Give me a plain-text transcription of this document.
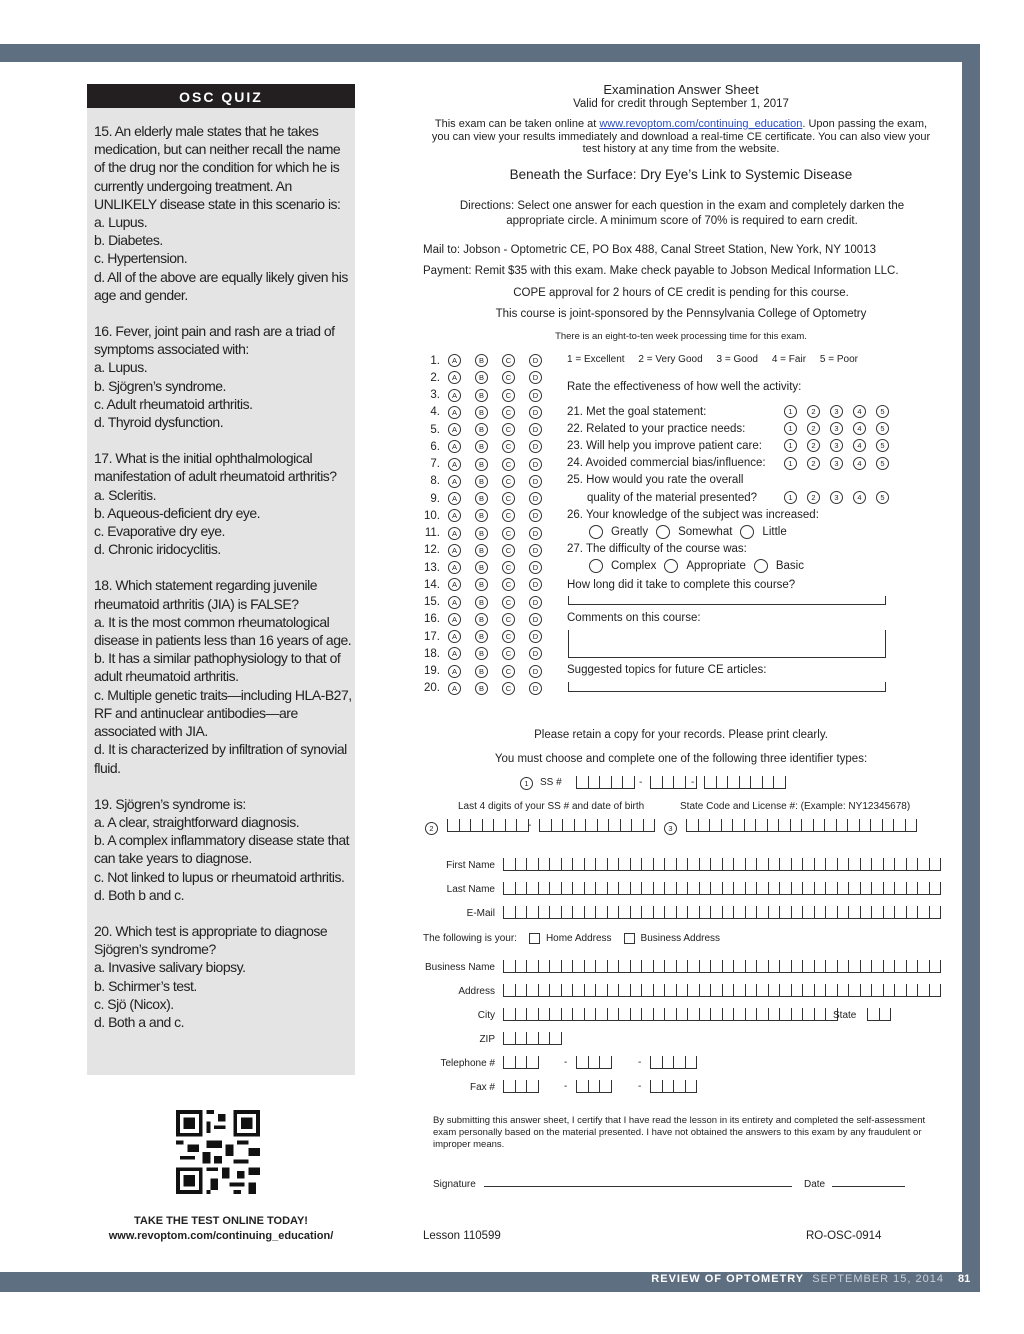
REVIEW OF OPTOMETRY SEPTEMBER 15, 2014 81
OSC QUIZ
15. An elderly male states that he takes medication, but can neither recall the name of the drug nor the condition for which he is currently undergoing treatment. An UNLIKELY disease state in this scenario is:
a. Lupus.
b. Diabetes.
c. Hypertension.
d. All of the above are equally likely given his age and gender.
16. Fever, joint pain and rash are a triad of symptoms associated with:
a. Lupus.
b. Sjögren’s syndrome.
c. Adult rheumatoid arthritis.
d. Thyroid dysfunction.
17. What is the initial ophthalmological manifestation of adult rheumatoid arthritis?
a. Scleritis.
b. Aqueous-deficient dry eye.
c. Evaporative dry eye.
d. Chronic iridocyclitis.
18. Which statement regarding juvenile rheumatoid arthritis (JIA) is FALSE?
a. It is the most common rheumatological disease in patients less than 16 years of age.
b. It has a similar pathophysiology to that of adult rheumatoid arthritis.
c. Multiple genetic traits—including HLA-B27, RF and antinuclear antibodies—are associated with JIA.
d. It is characterized by infiltration of synovial fluid.
19. Sjögren’s syndrome is:
a. A clear, straightforward diagnosis.
b. A complex inflammatory disease state that can take years to diagnose.
c. Not linked to lupus or rheumatoid arthritis.
d. Both b and c.
20. Which test is appropriate to diagnose Sjögren’s syndrome?
a. Invasive salivary biopsy.
b. Schirmer’s test.
c. Sjö (Nicox).
d. Both a and c.
TAKE THE TEST ONLINE TODAY!
www.revoptom.com/continuing_education/
Examination Answer Sheet
Valid for credit through September 1, 2017
This exam can be taken online at www.revoptom.com/continuing_education. Upon passing the exam, you can view your results immediately and download a real-time CE certificate. You can also view your test history at any time from the website.
Beneath the Surface: Dry Eye’s Link to Systemic Disease
Directions: Select one answer for each question in the exam and completely darken the appropriate circle. A minimum score of 70% is required to earn credit.
Mail to: Jobson - Optometric CE, PO Box 488, Canal Street Station, New York, NY 10013
Payment: Remit $35 with this exam. Make check payable to Jobson Medical Information LLC.
COPE approval for 2 hours of CE credit is pending for this course.
This course is joint-sponsored by the Pennsylvania College of Optometry
There is an eight-to-ten week processing time for this exam.
1.	A	B	C	D
2.	A	B	C	D
3.	A	B	C	D
4.	A	B	C	D
5.	A	B	C	D
6.	A	B	C	D
7.	A	B	C	D
8.	A	B	C	D
9.	A	B	C	D
10.	A	B	C	D
11.	A	B	C	D
12.	A	B	C	D
13.	A	B	C	D
14.	A	B	C	D
15.	A	B	C	D
16.	A	B	C	D
17.	A	B	C	D
18.	A	B	C	D
19.	A	B	C	D
20.	A	B	C	D
1 = Excellent     2 = Very Good     3 = Good     4 = Fair     5 = Poor
Rate the effectiveness of how well the activity:
21. Met the goal statement:	1	2	3	4	5
22. Related to your practice needs:	1	2	3	4	5
23. Will help you improve patient care:	1	2	3	4	5
24. Avoided commercial bias/influence:	1	2	3	4	5
25. How would you rate the overall
quality of the material presented?	1	2	3	4	5
26. Your knowledge of the subject was increased:
Greatly	Somewhat	Little
27. The difficulty of the course was:
Complex	Appropriate	Basic
How long did it take to complete this course?
Comments on this course:
Suggested topics for future CE articles:
Please retain a copy for your records. Please print clearly.
You must choose and complete one of the following three identifier types:
1	SS #	-	-
Last 4 digits of your SS # and date of birth	State Code and License #: (Example: NY12345678)
2	-	3
First Name
Last Name
E-Mail
Business Name
Address
City	State
ZIP
Telephone #	-	-
Fax #	-	-
The following is your:	Home Address	Business Address
By submitting this answer sheet, I certify that I have read the lesson in its entirety and completed the self-assessment exam personally based on the material presented. I have not obtained the answers to this exam by any fraudulent or improper means.
Signature	Date
Lesson 110599	RO-OSC-0914
